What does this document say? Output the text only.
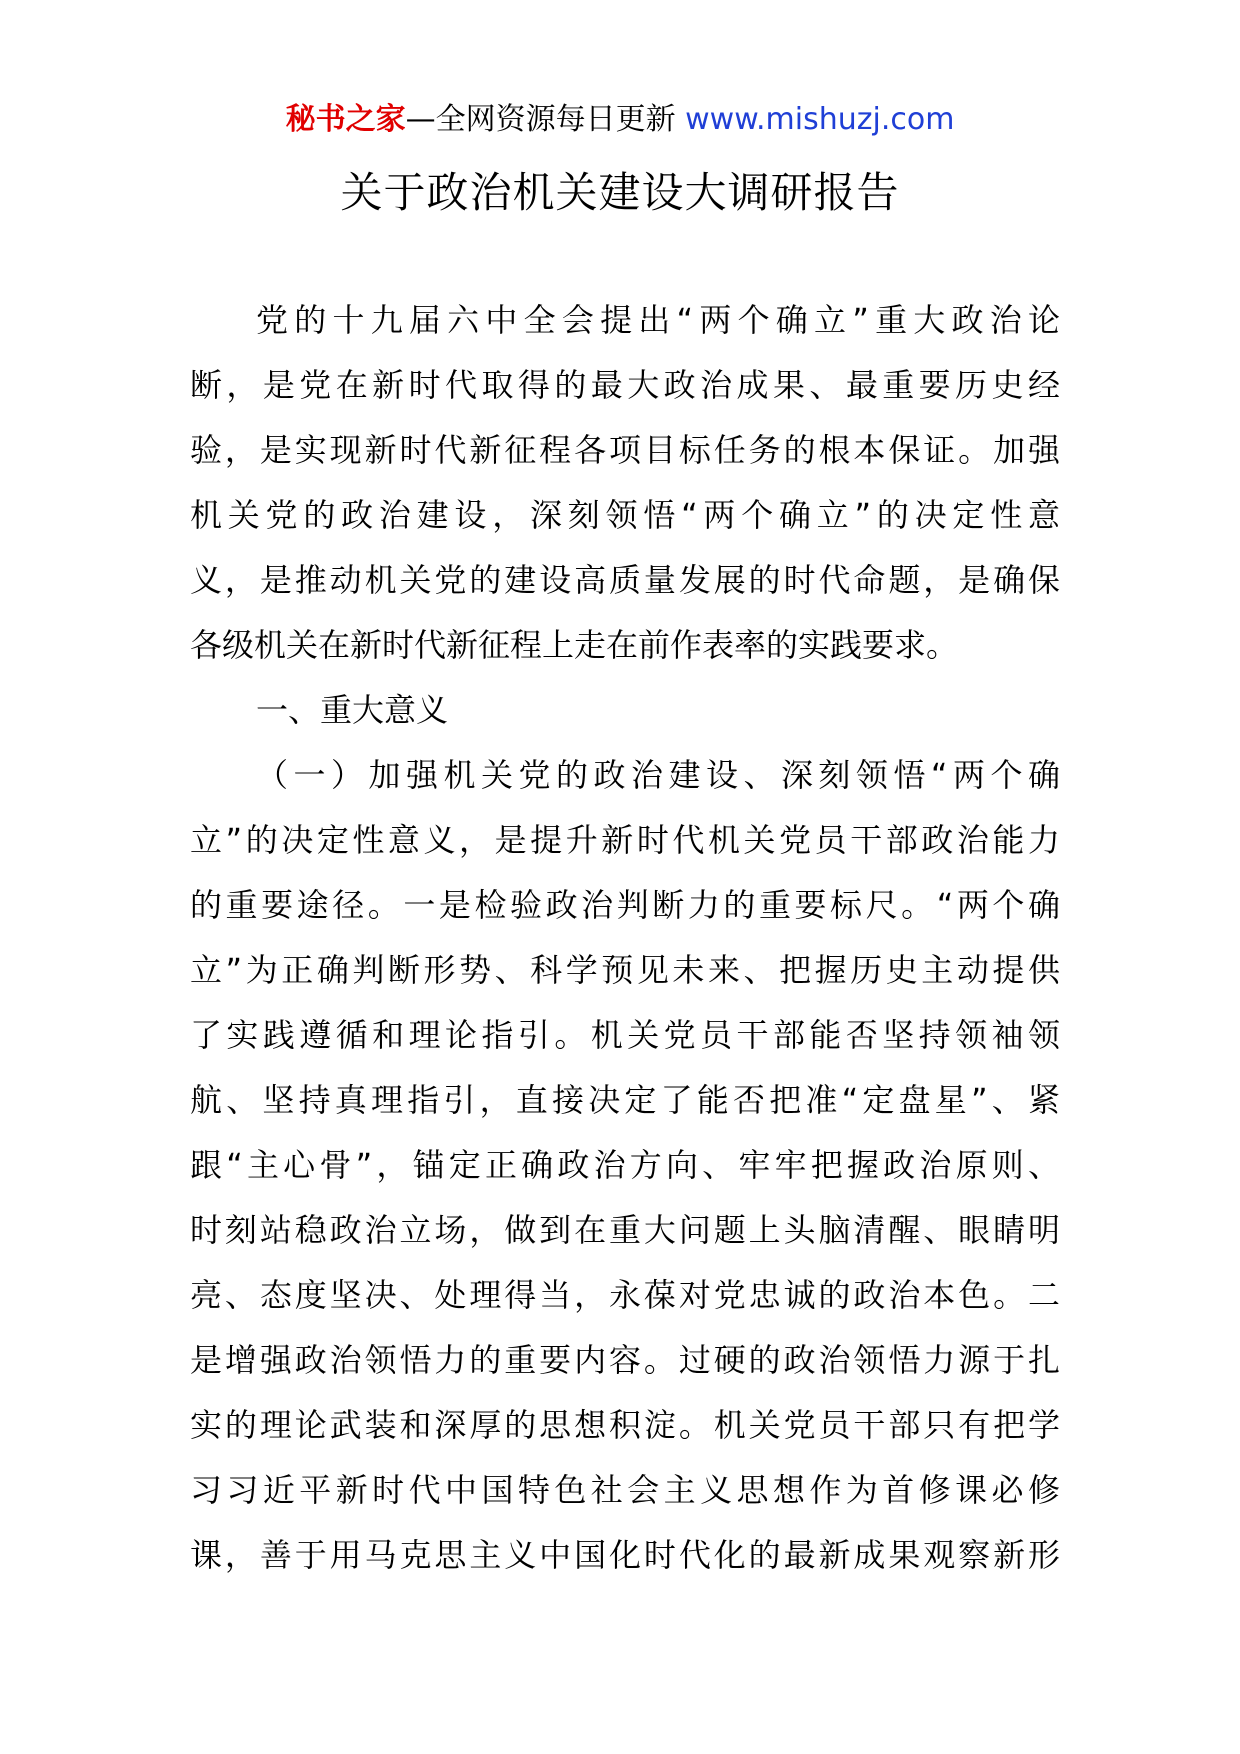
秘书之家—全网资源每日更新 www.mishuzj.com
关于政治机关建设大调研报告
党的十九届六中全会提出“两个确立”重大政治论
断，是党在新时代取得的最大政治成果、最重要历史经
验，是实现新时代新征程各项目标任务的根本保证。加强
机关党的政治建设，深刻领悟“两个确立”的决定性意
义，是推动机关党的建设高质量发展的时代命题，是确保
各级机关在新时代新征程上走在前作表率的实践要求。
一、重大意义
（一）加强机关党的政治建设、深刻领悟“两个确
立”的决定性意义，是提升新时代机关党员干部政治能力
的重要途径。一是检验政治判断力的重要标尺。“两个确
立”为正确判断形势、科学预见未来、把握历史主动提供
了实践遵循和理论指引。机关党员干部能否坚持领袖领
航、坚持真理指引，直接决定了能否把准“定盘星”、紧
跟“主心骨”，锚定正确政治方向、牢牢把握政治原则、
时刻站稳政治立场，做到在重大问题上头脑清醒、眼睛明
亮、态度坚决、处理得当，永葆对党忠诚的政治本色。二
是增强政治领悟力的重要内容。过硬的政治领悟力源于扎
实的理论武装和深厚的思想积淀。机关党员干部只有把学
习习近平新时代中国特色社会主义思想作为首修课必修
课，善于用马克思主义中国化时代化的最新成果观察新形
